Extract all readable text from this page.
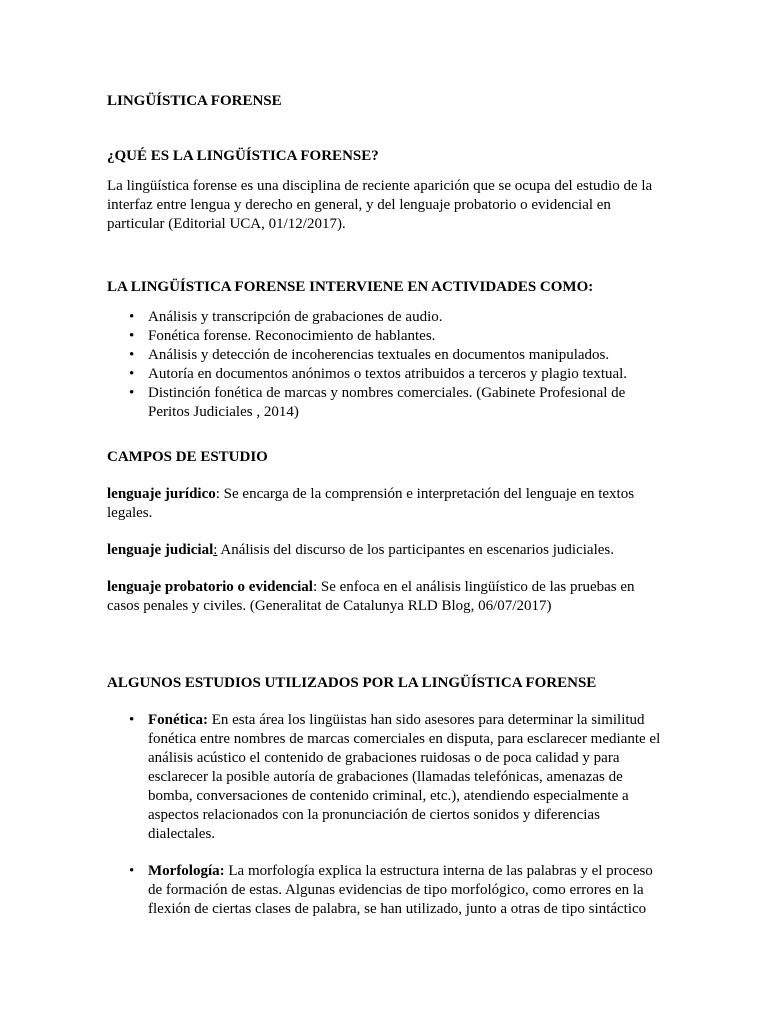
LINGÜÍSTICA FORENSE
¿QUÉ ES LA LINGÜÍSTICA FORENSE?
La lingüística forense es una disciplina de reciente aparición que se ocupa del estudio de la interfaz entre lengua y derecho en general, y del lenguaje probatorio o evidencial en particular (Editorial UCA, 01/12/2017).
LA LINGÜÍSTICA FORENSE INTERVIENE EN ACTIVIDADES COMO:
• Análisis y transcripción de grabaciones de audio.
• Fonética forense. Reconocimiento de hablantes.
• Análisis y detección de incoherencias textuales en documentos manipulados.
• Autoría en documentos anónimos o textos atribuidos a terceros y plagio textual.
• Distinción fonética de marcas y nombres comerciales. (Gabinete Profesional de Peritos Judiciales , 2014)
CAMPOS DE ESTUDIO
lenguaje jurídico: Se encarga de la comprensión e interpretación del lenguaje en textos legales.
lenguaje judicial: Análisis del discurso de los participantes en escenarios judiciales.
lenguaje probatorio o evidencial: Se enfoca en el análisis lingüístico de las pruebas en casos penales y civiles. (Generalitat de Catalunya RLD Blog, 06/07/2017)
ALGUNOS ESTUDIOS UTILIZADOS POR LA LINGÜÍSTICA FORENSE
• Fonética: En esta área los lingüistas han sido asesores para determinar la similitud fonética entre nombres de marcas comerciales en disputa, para esclarecer mediante el análisis acústico el contenido de grabaciones ruidosas o de poca calidad y para esclarecer la posible autoría de grabaciones (llamadas telefónicas, amenazas de bomba, conversaciones de contenido criminal, etc.), atendiendo especialmente a aspectos relacionados con la pronunciación de ciertos sonidos y diferencias dialectales.
• Morfología: La morfología explica la estructura interna de las palabras y el proceso de formación de estas. Algunas evidencias de tipo morfológico, como errores en la flexión de ciertas clases de palabra, se han utilizado, junto a otras de tipo sintáctico
